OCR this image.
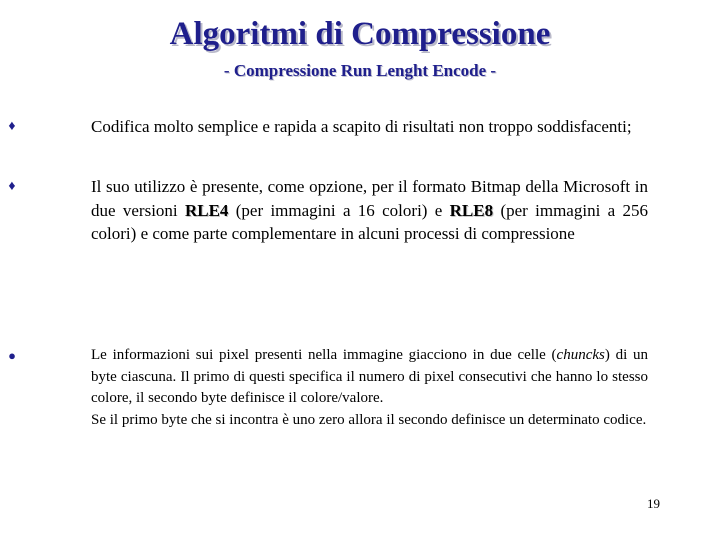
Algoritmi di Compressione
- Compressione Run Lenght Encode -
♦	Codifica molto semplice e rapida a scapito di risultati non troppo soddisfacenti;
♦	Il suo utilizzo è presente, come opzione, per il formato Bitmap della Microsoft in due versioni RLE4 (per immagini a 16 colori) e RLE8 (per immagini a 256 colori) e come parte complementare in alcuni processi di compressione
●	Le informazioni sui pixel presenti nella immagine giacciono in due celle (chuncks) di un byte ciascuna. Il primo di questi specifica il numero di pixel consecutivi che hanno lo stesso colore, il secondo byte definisce il colore/valore.
Se il primo byte che si incontra è uno zero allora il secondo definisce un determinato codice.
19
